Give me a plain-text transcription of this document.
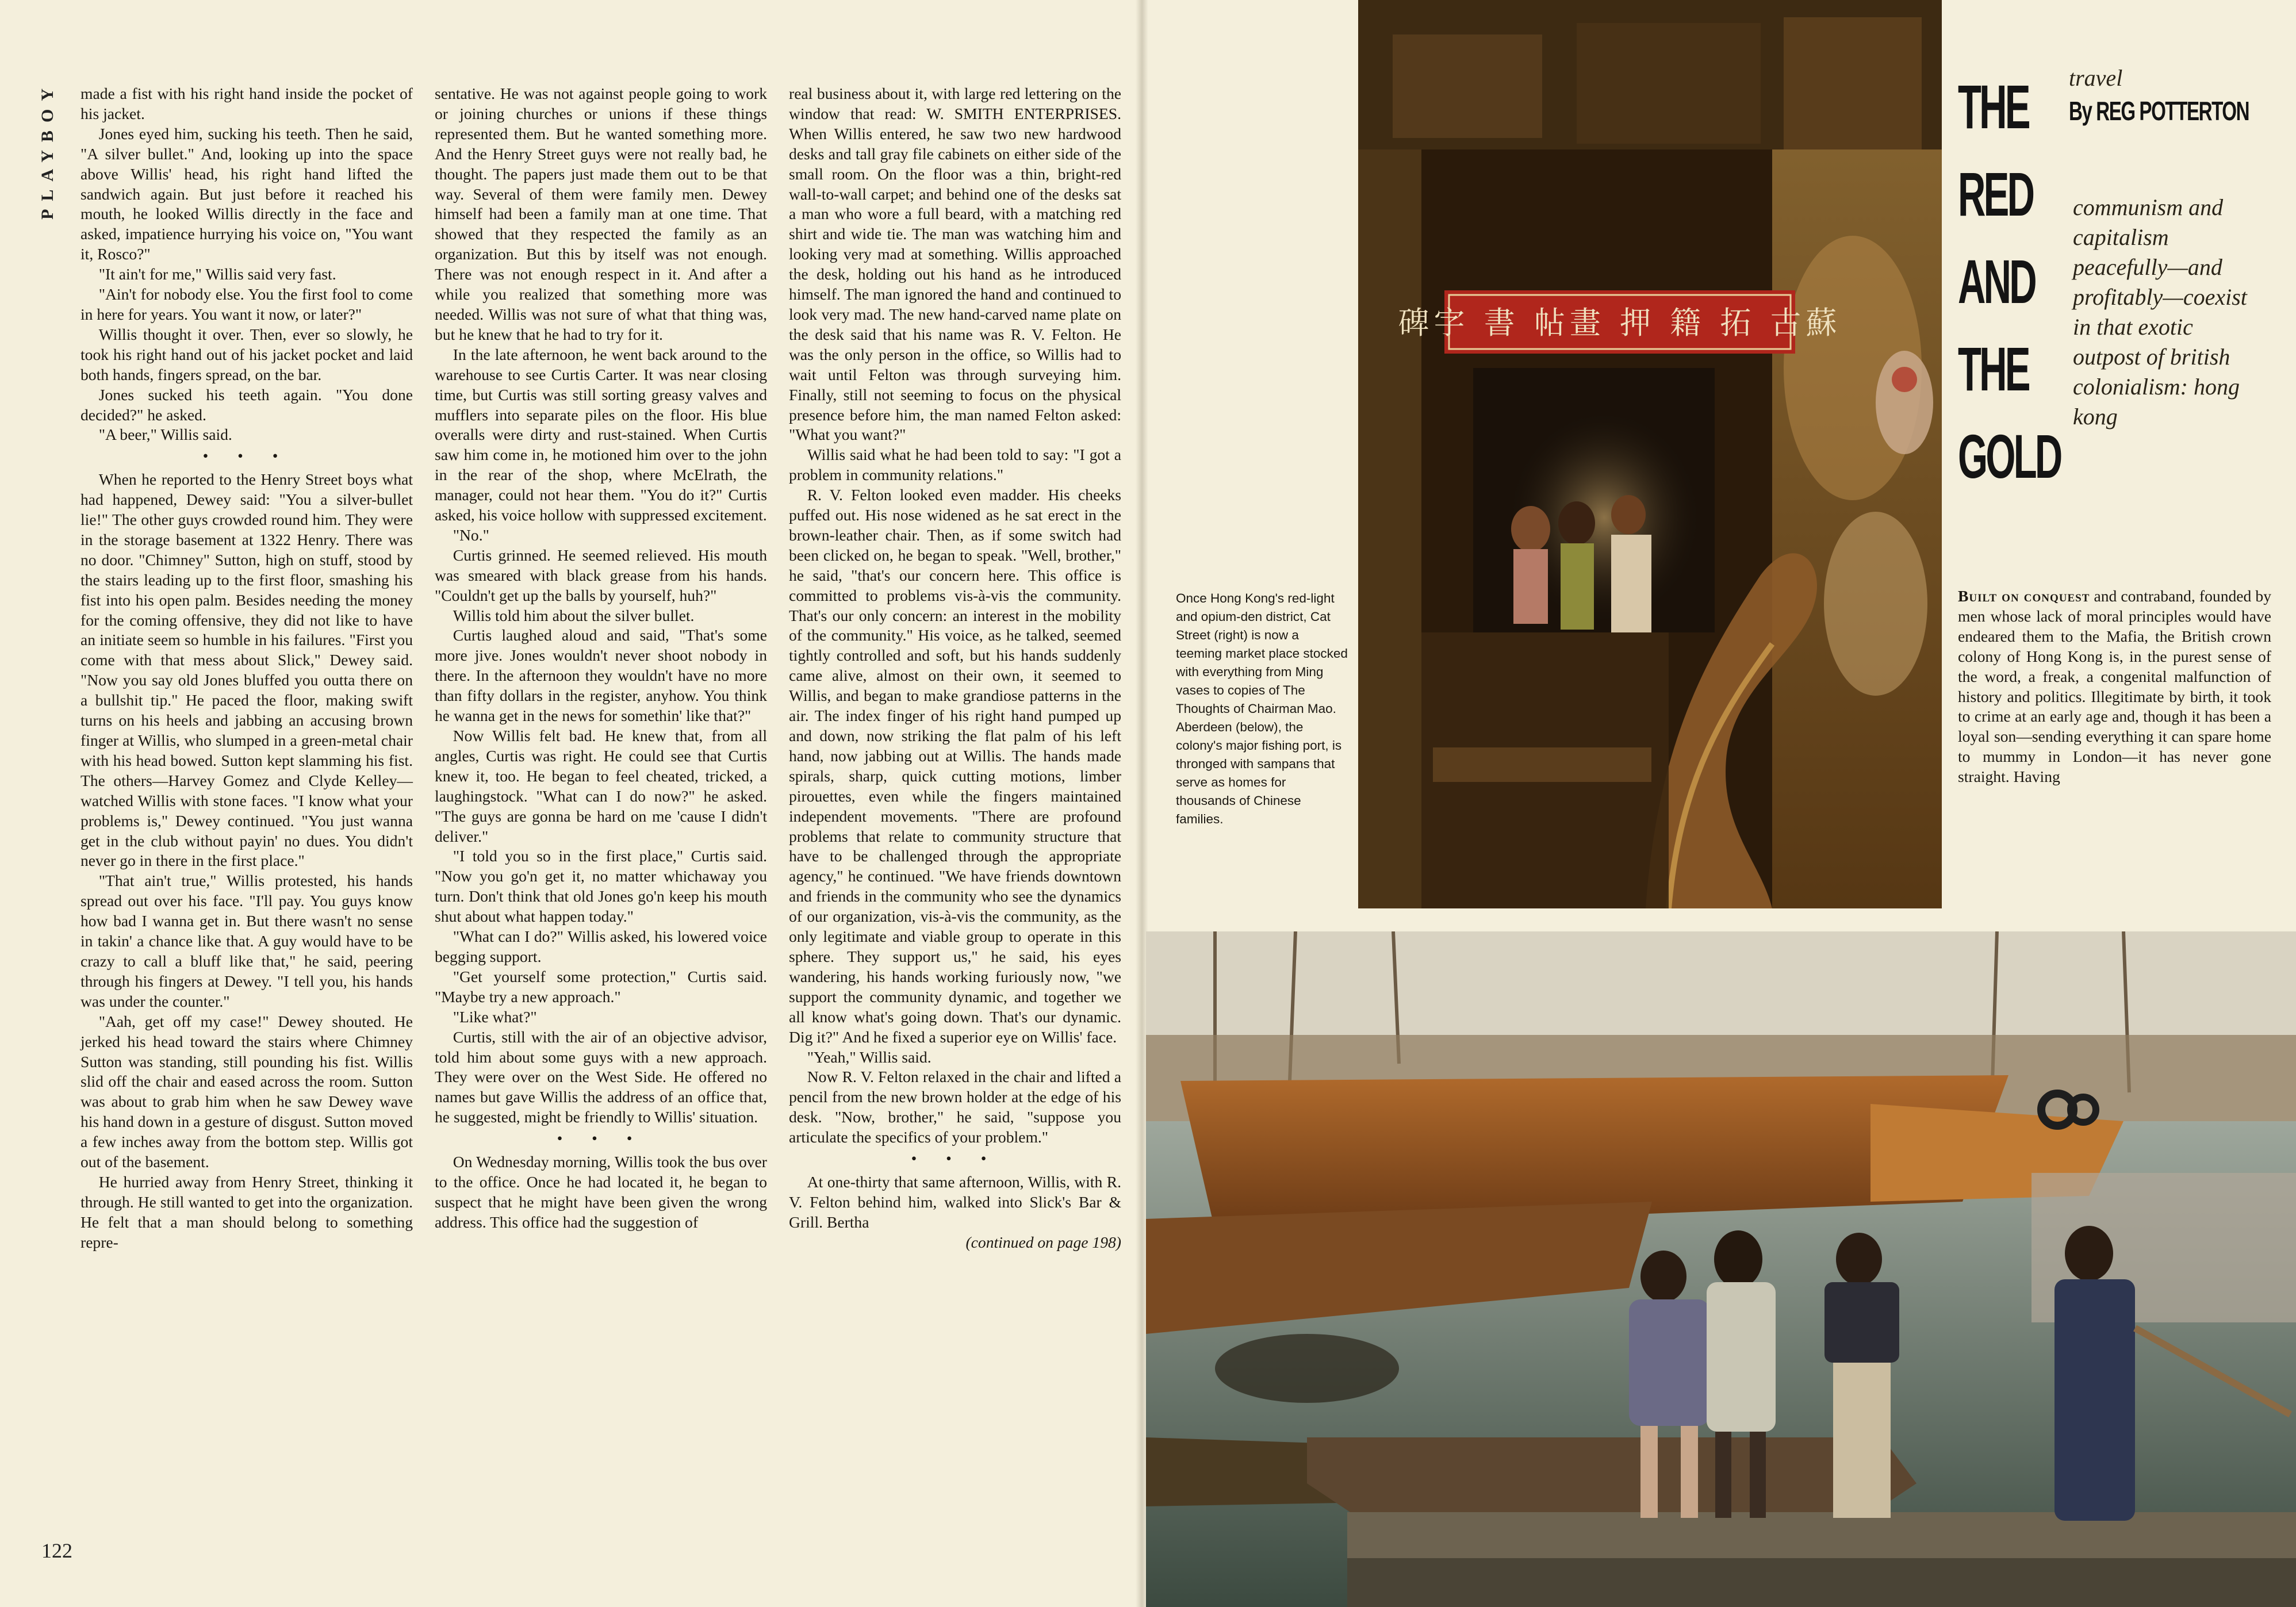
PLAYBOY	made a fist with his right hand inside the pocket of his jacket.

Jones eyed him, sucking his teeth. Then he said, "A silver bullet." And, looking up into the space above Willis' head, his right hand lifted the sandwich again. But just before it reached his mouth, he looked Willis directly in the face and asked, impatience hurrying his voice on, "You want it, Rosco?"

"It ain't for me," Willis said very fast.

"Ain't for nobody else. You the first fool to come in here for years. You want it now, or later?"

Willis thought it over. Then, ever so slowly, he took his right hand out of his jacket pocket and laid both hands, fingers spread, on the bar.

Jones sucked his teeth again. "You done decided?" he asked.

"A beer," Willis said.

• • •

When he reported to the Henry Street boys what had happened, Dewey said: "You a silver-bullet lie!" The other guys crowded round him. They were in the storage basement at 1322 Henry. There was no door. "Chimney" Sutton, high on stuff, stood by the stairs leading up to the first floor, smashing his fist into his open palm. Besides needing the money for the coming offensive, they did not like to have an initiate seem so humble in his failures. "First you come with that mess about Slick," Dewey said. "Now you say old Jones bluffed you outta there on a bullshit tip." He paced the floor, making swift turns on his heels and jabbing an accusing brown finger at Willis, who slumped in a green-metal chair with his head bowed. Sutton kept slamming his fist. The others—Harvey Gomez and Clyde Kelley—watched Willis with stone faces. "I know what your problems is," Dewey continued. "You just wanna get in the club without payin' no dues. You didn't never go in there in the first place."

"That ain't true," Willis protested, his hands spread out over his face. "I'll pay. You guys know how bad I wanna get in. But there wasn't no sense in takin' a chance like that. A guy would have to be crazy to call a bluff like that," he said, peering through his fingers at Dewey. "I tell you, his hands was under the counter."

"Aah, get off my case!" Dewey shouted. He jerked his head toward the stairs where Chimney Sutton was standing, still pounding his fist. Willis slid off the chair and eased across the room. Sutton was about to grab him when he saw Dewey wave his hand down in a gesture of disgust. Sutton moved a few inches away from the bottom step. Willis got out of the basement.

He hurried away from Henry Street, thinking it through. He still wanted to get into the organization. He felt that a man should belong to something repre-

sentative. He was not against people going to work or joining churches or unions if these things represented them. But he wanted something more. And the Henry Street guys were not really bad, he thought. The papers just made them out to be that way. Several of them were family men. Dewey himself had been a family man at one time. That showed that they respected the family as an organization. But this by itself was not enough. There was not enough respect in it. And after a while you realized that something more was needed. Willis was not sure of what that thing was, but he knew that he had to try for it.

In the late afternoon, he went back around to the warehouse to see Curtis Carter. It was near closing time, but Curtis was still sorting greasy valves and mufflers into separate piles on the floor. His blue overalls were dirty and rust-stained. When Curtis saw him come in, he motioned him over to the john in the rear of the shop, where McElrath, the manager, could not hear them. "You do it?" Curtis asked, his voice hollow with suppressed excitement.

"No."

Curtis grinned. He seemed relieved. His mouth was smeared with black grease from his hands. "Couldn't get up the balls by yourself, huh?"

Willis told him about the silver bullet.

Curtis laughed aloud and said, "That's some more jive. Jones wouldn't never shoot nobody in there. In the afternoon they wouldn't have no more than fifty dollars in the register, anyhow. You think he wanna get in the news for somethin' like that?"

Now Willis felt bad. He knew that, from all angles, Curtis was right. He could see that Curtis knew it, too. He began to feel cheated, tricked, a laughingstock. "What can I do now?" he asked. "The guys are gonna be hard on me 'cause I didn't deliver."

"I told you so in the first place," Curtis said. "Now you go'n get it, no matter whichaway you turn. Don't think that old Jones go'n keep his mouth shut about what happen today."

"What can I do?" Willis asked, his lowered voice begging support.

"Get yourself some protection," Curtis said. "Maybe try a new approach."

"Like what?"

Curtis, still with the air of an objective advisor, told him about some guys with a new approach. They were over on the West Side. He offered no names but gave Willis the address of an office that, he suggested, might be friendly to Willis' situation.

• • •

On Wednesday morning, Willis took the bus over to the office. Once he had located it, he began to suspect that he might have been given the wrong address. This office had the suggestion of

real business about it, with large red lettering on the window that read: W. SMITH ENTERPRISES. When Willis entered, he saw two new hardwood desks and tall gray file cabinets on either side of the small room. On the floor was a thin, bright-red wall-to-wall carpet; and behind one of the desks sat a man who wore a full beard, with a matching red shirt and wide tie. The man was watching him and looking very mad at something. Willis approached the desk, holding out his hand as he introduced himself. The man ignored the hand and continued to look very mad. The new hand-carved name plate on the desk said that his name was R. V. Felton. He was the only person in the office, so Willis had to wait until Felton was through surveying him. Finally, still not seeming to focus on the physical presence before him, the man named Felton asked: "What you want?"

Willis said what he had been told to say: "I got a problem in community relations."

R. V. Felton looked even madder. His cheeks puffed out. His nose widened as he sat erect in the brown-leather chair. Then, as if some switch had been clicked on, he began to speak. "Well, brother," he said, "that's our concern here. This office is committed to problems vis-à-vis the community. That's our only concern: an interest in the mobility of the community." His voice, as he talked, seemed tightly controlled and soft, but his hands suddenly came alive, almost on their own, it seemed to Willis, and began to make grandiose patterns in the air. The index finger of his right hand pumped up and down, now striking the flat palm of his left hand, now jabbing out at Willis. The hands made spirals, sharp, quick cutting motions, limber pirouettes, even while the fingers maintained independent movements. "There are profound problems that relate to community structure that have to be challenged through the appropriate agency," he continued. "We have friends downtown and friends in the community who see the dynamics of our organization, vis-à-vis the community, as the only legitimate and viable group to operate in this sphere. They support us," he said, his eyes wandering, his hands working furiously now, "we support the community dynamic, and together we all know what's going down. That's our dynamic. Dig it?" And he fixed a superior eye on Willis' face.

"Yeah," Willis said.

Now R. V. Felton relaxed in the chair and lifted a pencil from the new brown holder at the edge of his desk. "Now, brother," he said, "suppose you articulate the specifics of your problem."

• • •

At one-thirty that same afternoon, Willis, with R. V. Felton behind him, walked into Slick's Bar & Grill. Bertha

(continued on page 198)

122
碑字 書 帖畫 押 籍 拓 古蘇
Once Hong Kong's red-light and opium-den district, Cat Street (right) is now a teeming market place stocked with everything from Ming vases to copies of The Thoughts of Chairman Mao. Aberdeen (below), the colony's major fishing port, is thronged with sampans that serve as homes for thousands of Chinese families.
THE
RED
AND
THE
GOLD
travel
By REG POTTERTON
communism and capitalism peacefully—and profitably—coexist in that exotic outpost of british colonialism: hong kong
Built on conquest and contraband, founded by men whose lack of moral principles would have endeared them to the Mafia, the British crown colony of Hong Kong is, in the purest sense of the word, a freak, a congenital malfunction of history and politics. Illegitimate by birth, it took to crime at an early age and, though it has been a loyal son—sending everything it can spare home to mummy in London—it has never gone straight. Having
